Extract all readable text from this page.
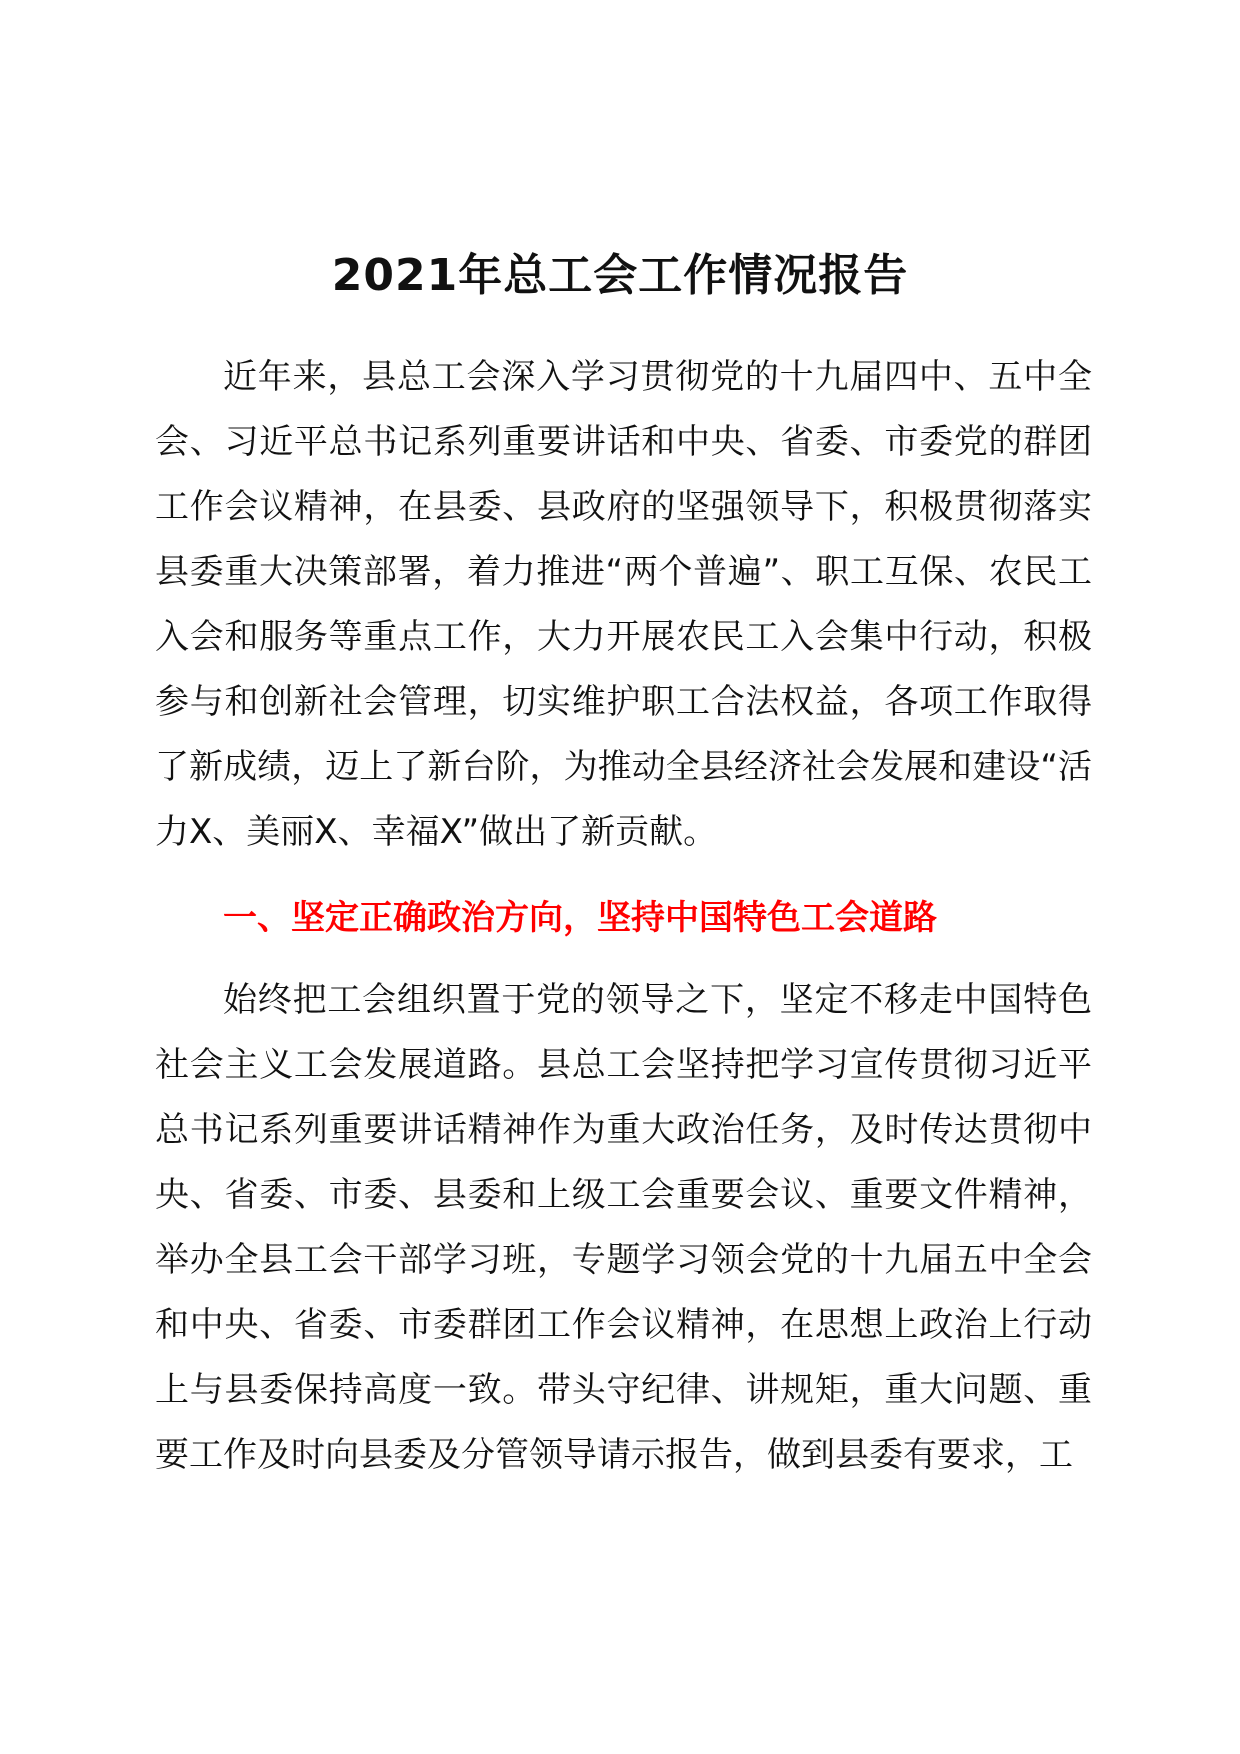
2021年总工会工作情况报告

近年来，县总工会深入学习贯彻党的十九届四中、五中全会、习近平总书记系列重要讲话和中央、省委、市委党的群团工作会议精神，在县委、县政府的坚强领导下，积极贯彻落实县委重大决策部署，着力推进“两个普遍”、职工互保、农民工入会和服务等重点工作，大力开展农民工入会集中行动，积极参与和创新社会管理，切实维护职工合法权益，各项工作取得了新成绩，迈上了新台阶，为推动全县经济社会发展和建设“活力X、美丽X、幸福X”做出了新贡献。

一、坚定正确政治方向，坚持中国特色工会道路

始终把工会组织置于党的领导之下，坚定不移走中国特色社会主义工会发展道路。县总工会坚持把学习宣传贯彻习近平总书记系列重要讲话精神作为重大政治任务，及时传达贯彻中央、省委、市委、县委和上级工会重要会议、重要文件精神，举办全县工会干部学习班，专题学习领会党的十九届五中全会和中央、省委、市委群团工作会议精神，在思想上政治上行动上与县委保持高度一致。带头守纪律、讲规矩，重大问题、重要工作及时向县委及分管领导请示报告，做到县委有要求，工
